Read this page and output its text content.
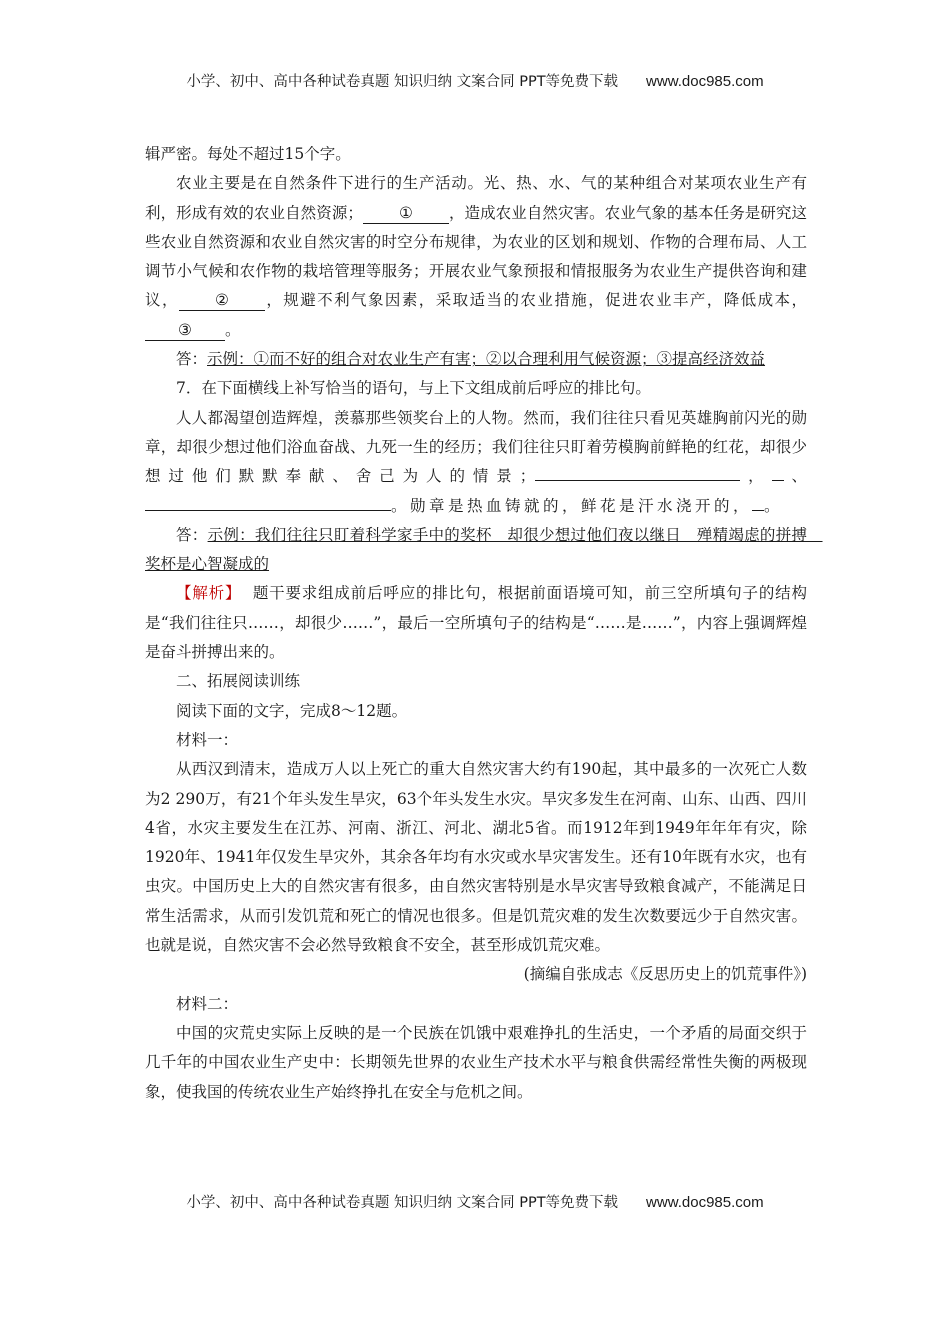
小学、初中、高中各种试卷真题 知识归纳 文案合同 PPT等免费下载 www.doc985.com

辑严密。每处不超过15个字。

农业主要是在自然条件下进行的生产活动。光、热、水、气的某种组合对某项农业生产有利，形成有效的农业自然资源； ① ，造成农业自然灾害。农业气象的基本任务是研究这些农业自然资源和农业自然灾害的时空分布规律，为农业的区划和规划、作物的合理布局、人工调节小气候和农作物的栽培管理等服务；开展农业气象预报和情报服务为农业生产提供咨询和建议， ② ，规避不利气象因素，采取适当的农业措施，促进农业丰产，降低成本，③ 。

答：示例：①而不好的组合对农业生产有害；②以合理利用气候资源；③提高经济效益

7．在下面横线上补写恰当的语句，与上下文组成前后呼应的排比句。

人人都渴望创造辉煌，羡慕那些领奖台上的人物。然而，我们往往只看见英雄胸前闪光的勋章，却很少想过他们浴血奋战、九死一生的经历；我们往往只盯着劳模胸前鲜艳的红花，却很少想过他们默默奉献、舍己为人的情景；	， 、。勋章是热血铸就的，鲜花是汗水浇开的， 。

答：示例：我们往往只盯着科学家手中的奖杯　却很少想过他们夜以继日　殚精竭虑的拼搏　奖杯是心智凝成的

【解析】 题干要求组成前后呼应的排比句，根据前面语境可知，前三空所填句子的结构是“我们往往只……，却很少……”，最后一空所填句子的结构是“……是……”，内容上强调辉煌是奋斗拼搏出来的。

二、拓展阅读训练

阅读下面的文字，完成8～12题。

材料一：

从西汉到清末，造成万人以上死亡的重大自然灾害大约有190起，其中最多的一次死亡人数为2 290万，有21个年头发生旱灾，63个年头发生水灾。旱灾多发生在河南、山东、山西、四川4省，水灾主要发生在江苏、河南、浙江、河北、湖北5省。而1912年到1949年年年有灾，除1920年、1941年仅发生旱灾外，其余各年均有水灾或水旱灾害发生。还有10年既有水灾，也有虫灾。中国历史上大的自然灾害有很多，由自然灾害特别是水旱灾害导致粮食减产，不能满足日常生活需求，从而引发饥荒和死亡的情况也很多。但是饥荒灾难的发生次数要远少于自然灾害。也就是说，自然灾害不会必然导致粮食不安全，甚至形成饥荒灾难。

(摘编自张成志《反思历史上的饥荒事件》)

材料二：

中国的灾荒史实际上反映的是一个民族在饥饿中艰难挣扎的生活史，一个矛盾的局面交织于几千年的中国农业生产史中：长期领先世界的农业生产技术水平与粮食供需经常性失衡的两极现象，使我国的传统农业生产始终挣扎在安全与危机之间。

小学、初中、高中各种试卷真题 知识归纳 文案合同 PPT等免费下载 www.doc985.com
